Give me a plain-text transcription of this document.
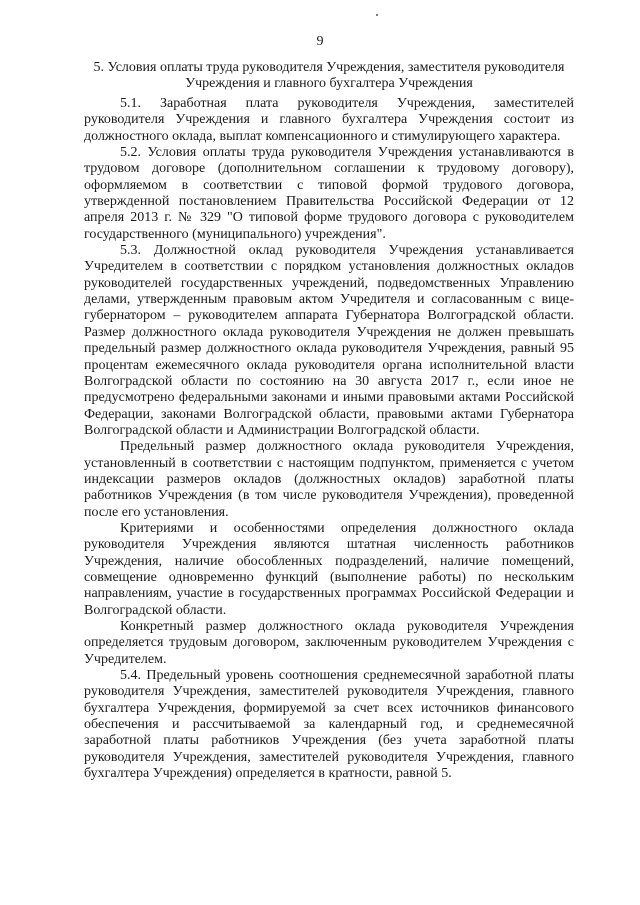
9
5. Условия оплаты труда руководителя Учреждения, заместителя руководителя Учреждения и главного бухгалтера Учреждения

5.1. Заработная плата руководителя Учреждения, заместителей руководителя Учреждения и главного бухгалтера Учреждения состоит из должностного оклада, выплат компенсационного и стимулирующего характера.

5.2. Условия оплаты труда руководителя Учреждения устанавливаются в трудовом договоре (дополнительном соглашении к трудовому договору), оформляемом в соответствии с типовой формой трудового договора, утвержденной постановлением Правительства Российской Федерации от 12 апреля 2013 г. № 329 "О типовой форме трудового договора с руководителем государственного (муниципального) учреждения".

5.3. Должностной оклад руководителя Учреждения устанавливается Учредителем в соответствии с порядком установления должностных окладов руководителей государственных учреждений, подведомственных Управлению делами, утвержденным правовым актом Учредителя и согласованным с вице-губернатором – руководителем аппарата Губернатора Волгоградской области. Размер должностного оклада руководителя Учреждения не должен превышать предельный размер должностного оклада руководителя Учреждения, равный 95 процентам ежемесячного оклада руководителя органа исполнительной власти Волгоградской области по состоянию на 30 августа 2017 г., если иное не предусмотрено федеральными законами и иными правовыми актами Российской Федерации, законами Волгоградской области, правовыми актами Губернатора Волгоградской области и Администрации Волгоградской области.

Предельный размер должностного оклада руководителя Учреждения, установленный в соответствии с настоящим подпунктом, применяется с учетом индексации размеров окладов (должностных окладов) заработной платы работников Учреждения (в том числе руководителя Учреждения), проведенной после его установления.

Критериями и особенностями определения должностного оклада руководителя Учреждения являются штатная численность работников Учреждения, наличие обособленных подразделений, наличие помещений, совмещение одновременно функций (выполнение работы) по нескольким направлениям, участие в государственных программах Российской Федерации и Волгоградской области.

Конкретный размер должностного оклада руководителя Учреждения определяется трудовым договором, заключенным руководителем Учреждения с Учредителем.

5.4. Предельный уровень соотношения среднемесячной заработной платы руководителя Учреждения, заместителей руководителя Учреждения, главного бухгалтера Учреждения, формируемой за счет всех источников финансового обеспечения и рассчитываемой за календарный год, и среднемесячной заработной платы работников Учреждения (без учета заработной платы руководителя Учреждения, заместителей руководителя Учреждения, главного бухгалтера Учреждения) определяется в кратности, равной 5.
